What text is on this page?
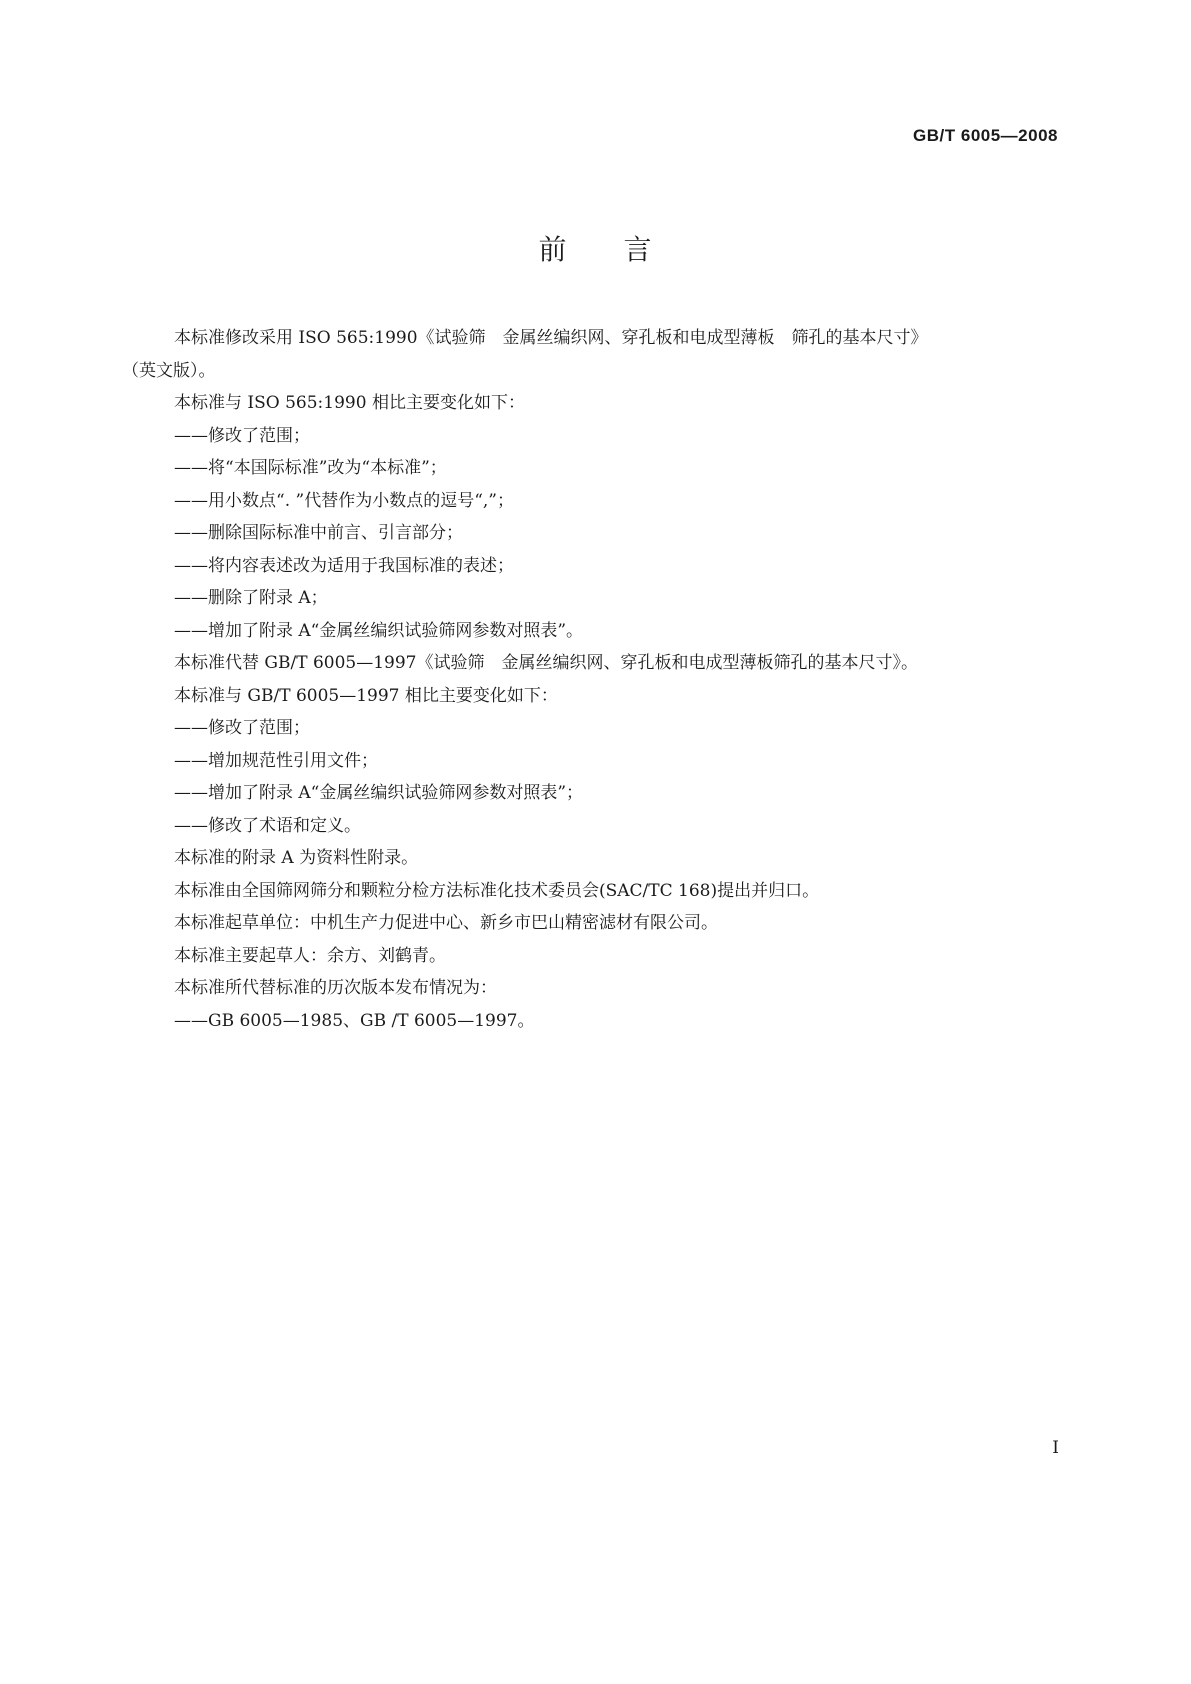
GB/T 6005—2008
前 言

本标准修改采用 ISO 565:1990《试验筛　金属丝编织网、穿孔板和电成型薄板　筛孔的基本尺寸》

（英文版）。

本标准与 ISO 565:1990 相比主要变化如下：

——修改了范围；

——将“本国际标准”改为“本标准”；

——用小数点“. ”代替作为小数点的逗号“,”；

——删除国际标准中前言、引言部分；

——将内容表述改为适用于我国标准的表述；

——删除了附录 A；

——增加了附录 A“金属丝编织试验筛网参数对照表”。

本标准代替 GB/T 6005—1997《试验筛　金属丝编织网、穿孔板和电成型薄板筛孔的基本尺寸》。

本标准与 GB/T 6005—1997 相比主要变化如下：

——修改了范围；

——增加规范性引用文件；

——增加了附录 A“金属丝编织试验筛网参数对照表”；

——修改了术语和定义。

本标准的附录 A 为资料性附录。

本标准由全国筛网筛分和颗粒分检方法标准化技术委员会(SAC/TC 168)提出并归口。

本标准起草单位：中机生产力促进中心、新乡市巴山精密滤材有限公司。

本标准主要起草人：余方、刘鹤青。

本标准所代替标准的历次版本发布情况为：

——GB 6005—1985、GB /T 6005—1997。

I
